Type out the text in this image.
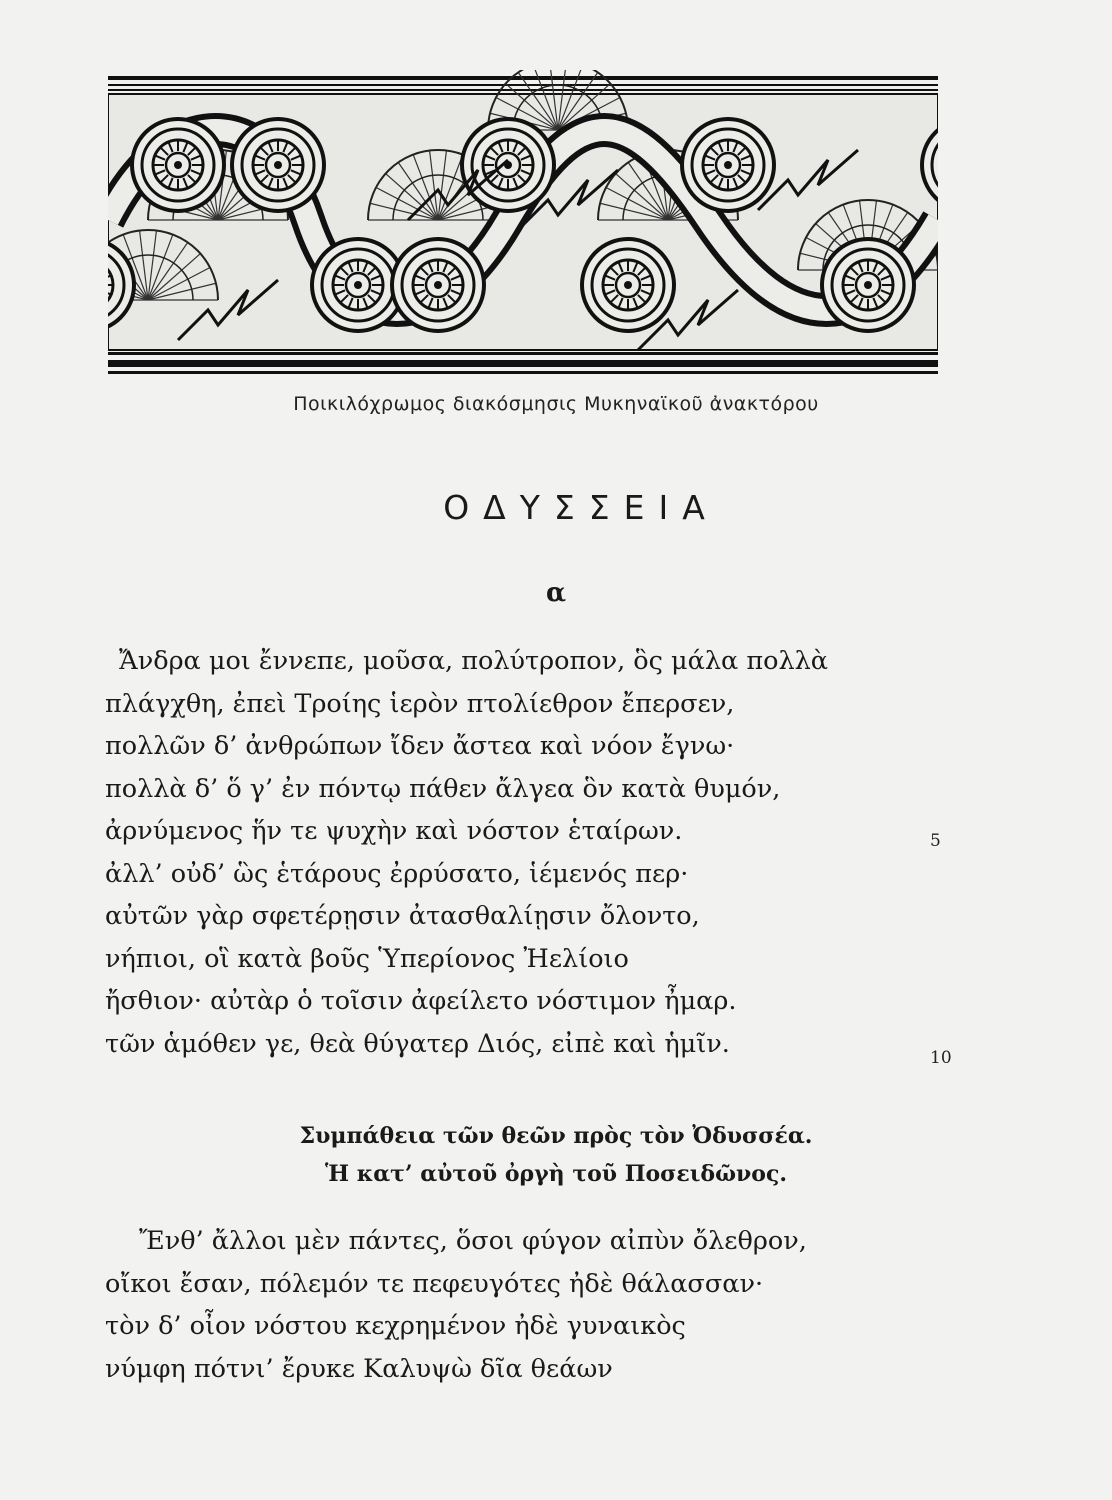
Ποικιλόχρωμος διακόσμησις Μυκηναϊκοῦ ἀνακτόρου
ΟΔΥΣΣΕΙΑ
α
Ἄνδρα μοι ἔννεπε, μοῦσα, πολύτροπον, ὃς μάλα πολλὰ
πλάγχθη, ἐπεὶ Τροίης ἱερὸν πτολίεθρον ἔπερσεν,
πολλῶν δ’ ἀνθρώπων ἴδεν ἄστεα καὶ νόον ἔγνω·
πολλὰ δ’ ὅ γ’ ἐν πόντῳ πάθεν ἄλγεα ὃν κατὰ θυμόν,
ἀρνύμενος ἥν τε ψυχὴν καὶ νόστον ἑταίρων.	5
ἀλλ’ οὐδ’ ὣς ἑτάρους ἐρρύσατο, ἱέμενός περ·
αὐτῶν γὰρ σφετέρῃσιν ἀτασθαλίῃσιν ὄλοντο,
νήπιοι, οἳ κατὰ βοῦς Ὑπερίονος Ἠελίοιο
ἤσθιον· αὐτὰρ ὁ τοῖσιν ἀφείλετο νόστιμον ἦμαρ.
τῶν ἁμόθεν γε, θεὰ θύγατερ Διός, εἰπὲ καὶ ἡμῖν.	10
Συμπάθεια τῶν θεῶν πρὸς τὸν Ὀδυσσέα.
Ἡ κατ’ αὐτοῦ ὀργὴ τοῦ Ποσειδῶνος.
Ἔνθ’ ἄλλοι μὲν πάντες, ὅσοι φύγον αἰπὺν ὄλεθρον,
οἴκοι ἔσαν, πόλεμόν τε πεφευγότες ἠδὲ θάλασσαν·
τὸν δ’ οἶον νόστου κεχρημένον ἠδὲ γυναικὸς
νύμφη πότνι’ ἔρυκε Καλυψὼ δῖα θεάων
